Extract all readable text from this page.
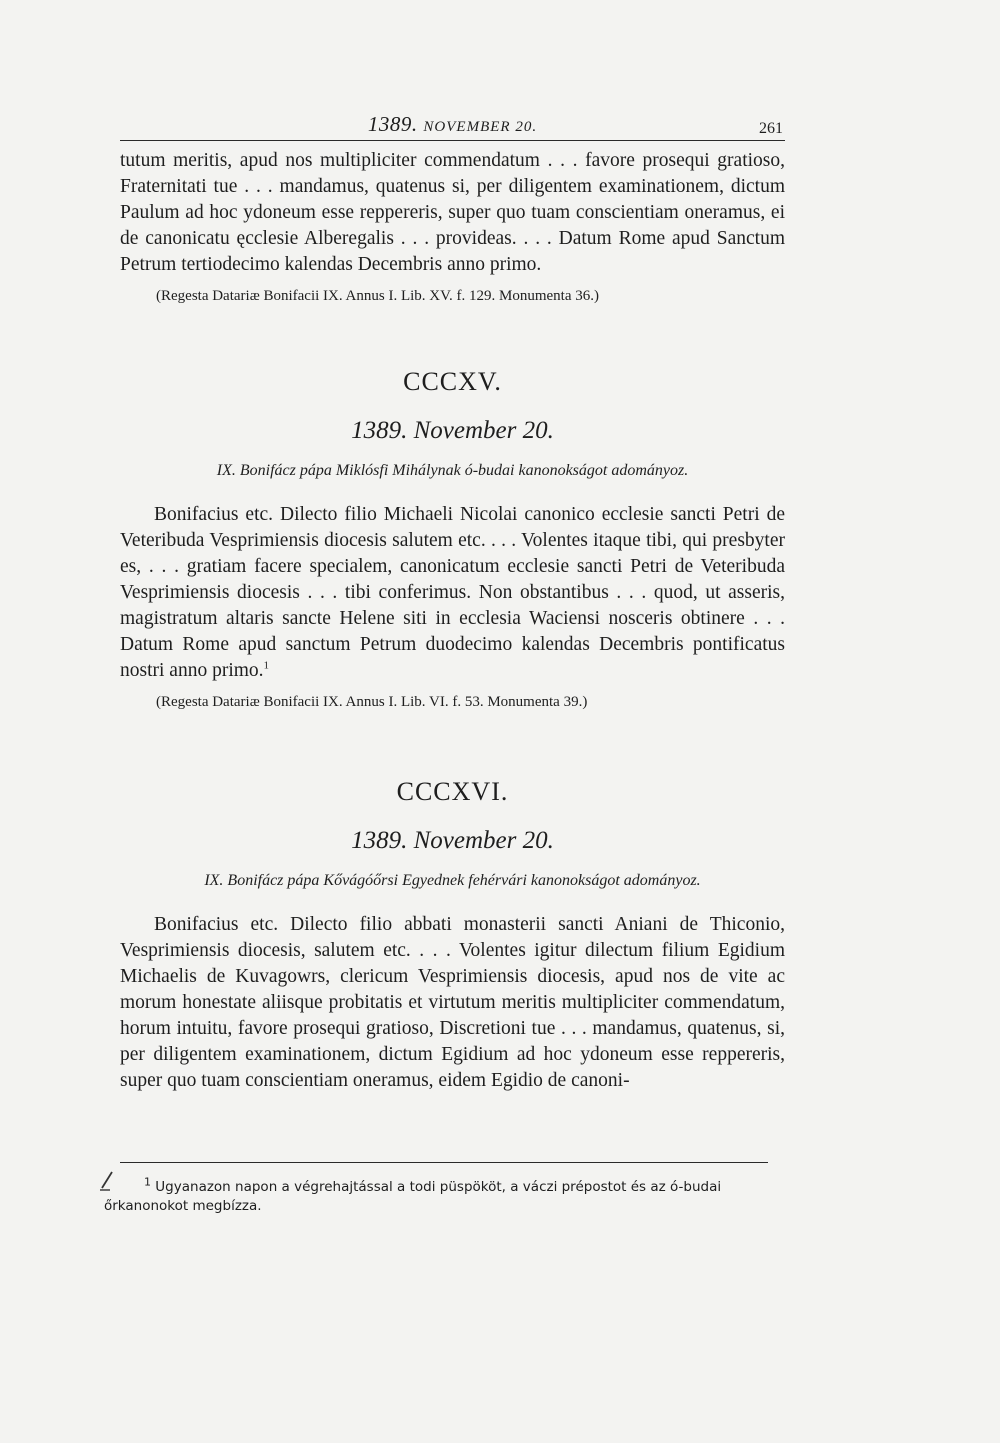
1389. NOVEMBER 20.	261

tutum meritis, apud nos multipliciter commendatum . . . favore prosequi gratioso, Fraternitati tue . . . mandamus, quatenus si, per diligentem examinationem, dictum Paulum ad hoc ydoneum esse reppereris, super quo tuam conscientiam oneramus, ei de canonicatu ęcclesie Alberegalis . . . provideas. . . . Datum Rome apud Sanctum Petrum tertiodecimo kalendas Decembris anno primo.

(Regesta Datariæ Bonifacii IX. Annus I. Lib. XV. f. 129. Monumenta 36.)

CCCXV.
1389. November 20.
IX. Bonifácz pápa Miklósfi Mihálynak ó-budai kanonokságot adományoz.

Bonifacius etc. Dilecto filio Michaeli Nicolai canonico ecclesie sancti Petri de Veteribuda Vesprimiensis diocesis salutem etc. . . . Volentes itaque tibi, qui presbyter es, . . . gratiam facere specialem, canonicatum ecclesie sancti Petri de Veteribuda Vesprimiensis diocesis . . . tibi conferimus. Non obstantibus . . . quod, ut asseris, magistratum altaris sancte Helene siti in ecclesia Waciensi nosceris obtinere . . . Datum Rome apud sanctum Petrum duodecimo kalendas Decembris pontificatus nostri anno primo.$^1$

(Regesta Datariæ Bonifacii IX. Annus I. Lib. VI. f. 53. Monumenta 39.)

CCCXVI.
1389. November 20.
IX. Bonifácz pápa Kővágóőrsi Egyednek fehérvári kanonokságot adományoz.

Bonifacius etc. Dilecto filio abbati monasterii sancti Aniani de Thiconio, Vesprimiensis diocesis, salutem etc. . . . Volentes igitur dilectum filium Egidium Michaelis de Kuvagowrs, clericum Vesprimiensis diocesis, apud nos de vite ac morum honestate aliisque probitatis et virtutum meritis multipliciter commendatum, horum intuitu, favore prosequi gratioso, Discretioni tue . . . mandamus, quatenus, si, per diligentem examinationem, dictum Egidium ad hoc ydoneum esse reppereris, super quo tuam conscientiam oneramus, eidem Egidio de canoni-

$^1$ Ugyanazon napon a végrehajtással a todi püspököt, a váczi prépostot és az ó-budai
őrkanonokot megbízza.
